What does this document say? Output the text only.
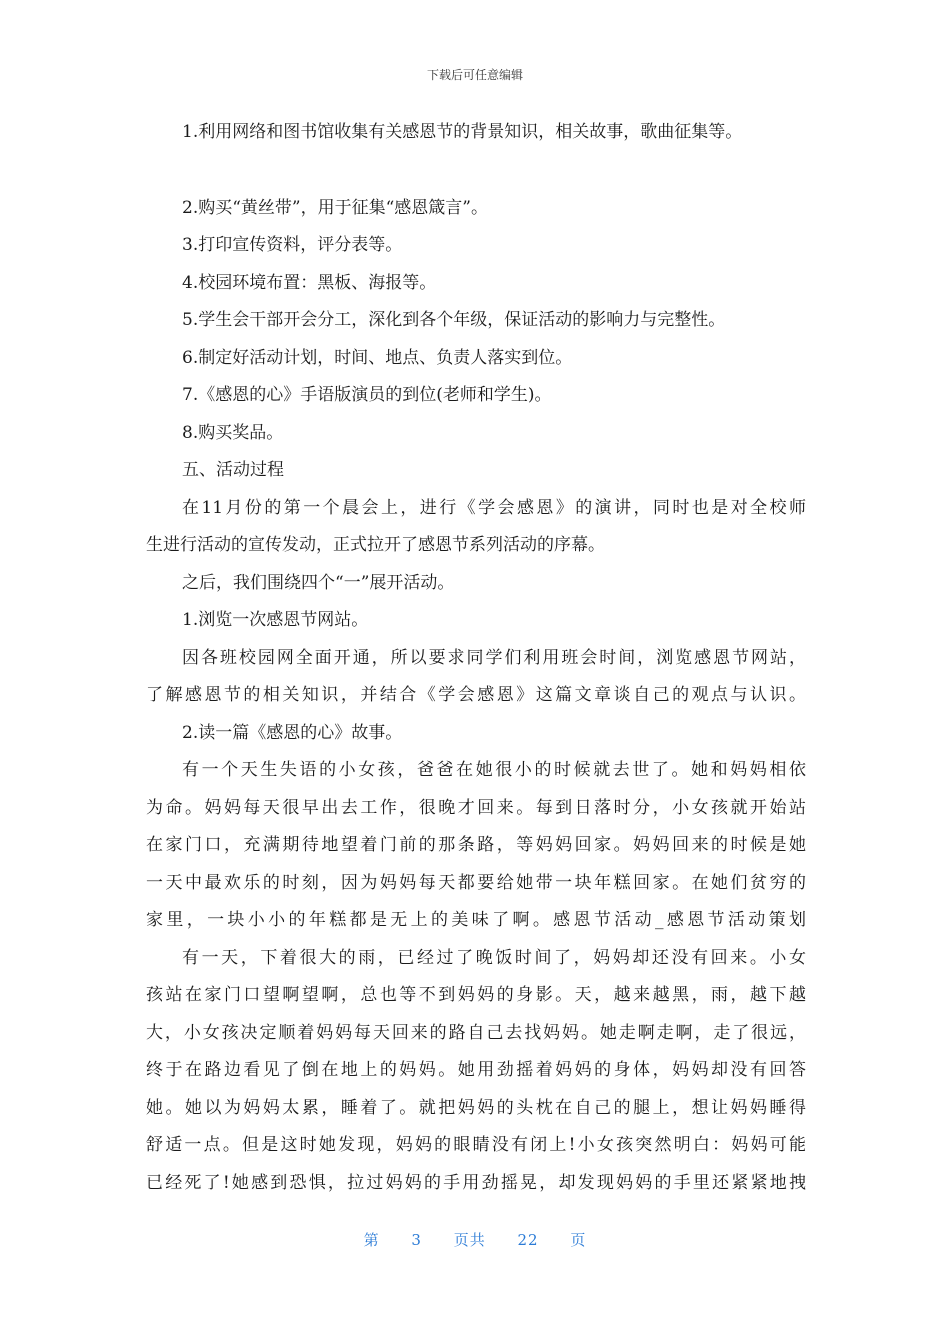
下载后可任意编辑
1.利用网络和图书馆收集有关感恩节的背景知识，相关故事，歌曲征集等。
2.购买“黄丝带”，用于征集“感恩箴言”。
3.打印宣传资料，评分表等。
4.校园环境布置：黑板、海报等。
5.学生会干部开会分工，深化到各个年级，保证活动的影响力与完整性。
6.制定好活动计划，时间、地点、负责人落实到位。
7.《感恩的心》手语版演员的到位(老师和学生)。
8.购买奖品。
五、活动过程
在11月份的第一个晨会上，进行《学会感恩》的演讲，同时也是对全校师
生进行活动的宣传发动，正式拉开了感恩节系列活动的序幕。
之后，我们围绕四个“一”展开活动。
1.浏览一次感恩节网站。
因各班校园网全面开通，所以要求同学们利用班会时间，浏览感恩节网站，
了解感恩节的相关知识，并结合《学会感恩》这篇文章谈自己的观点与认识。
2.读一篇《感恩的心》故事。
有一个天生失语的小女孩，爸爸在她很小的时候就去世了。她和妈妈相依
为命。妈妈每天很早出去工作，很晚才回来。每到日落时分，小女孩就开始站
在家门口，充满期待地望着门前的那条路，等妈妈回家。妈妈回来的时候是她
一天中最欢乐的时刻，因为妈妈每天都要给她带一块年糕回家。在她们贫穷的
家里，一块小小的年糕都是无上的美味了啊。感恩节活动_感恩节活动策划
有一天，下着很大的雨，已经过了晚饭时间了，妈妈却还没有回来。小女
孩站在家门口望啊望啊，总也等不到妈妈的身影。天，越来越黑，雨，越下越
大，小女孩决定顺着妈妈每天回来的路自己去找妈妈。她走啊走啊，走了很远，
终于在路边看见了倒在地上的妈妈。她用劲摇着妈妈的身体，妈妈却没有回答
她。她以为妈妈太累，睡着了。就把妈妈的头枕在自己的腿上，想让妈妈睡得
舒适一点。但是这时她发现，妈妈的眼睛没有闭上!小女孩突然明白：妈妈可能
已经死了!她感到恐惧，拉过妈妈的手用劲摇晃，却发现妈妈的手里还紧紧地拽
第 3 页共 22 页
